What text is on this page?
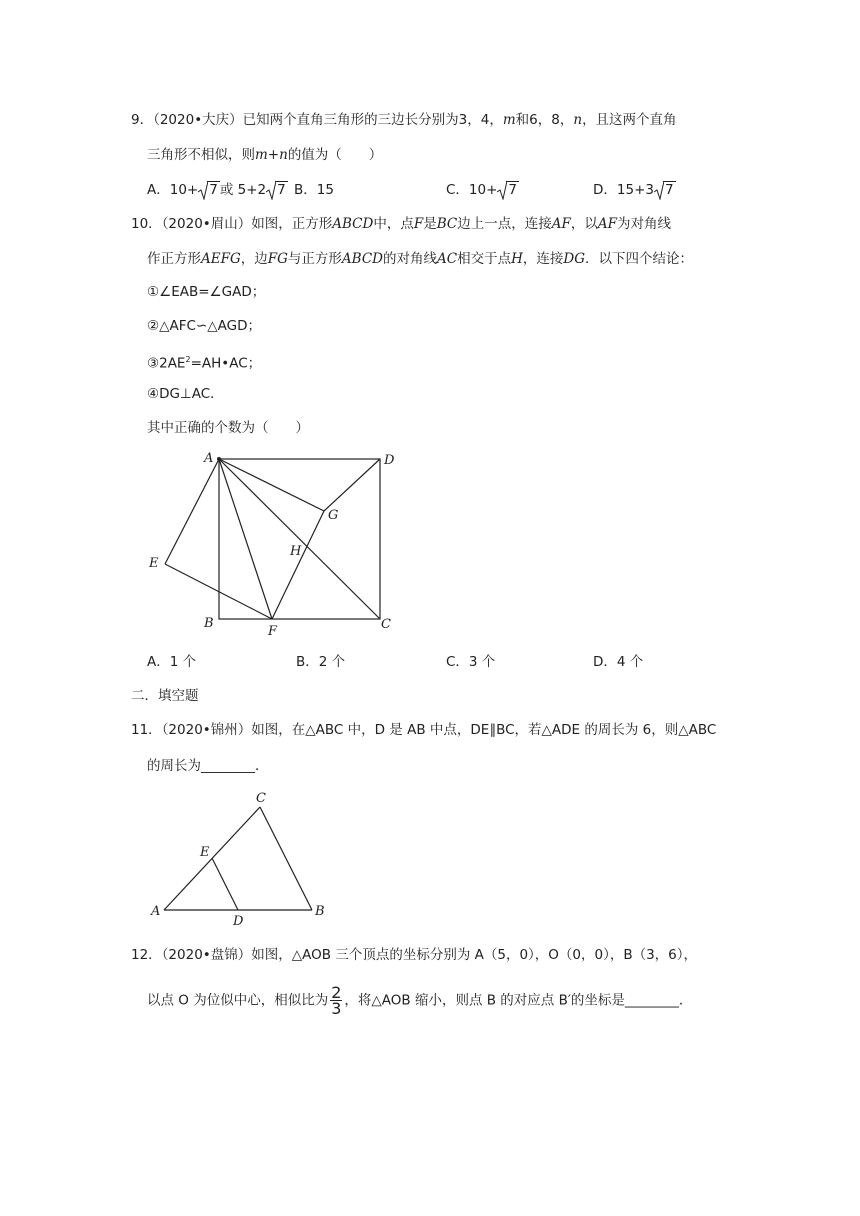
9．（2020•大庆）已知两个直角三角形的三边长分别为3，4，m和6，8，n，且这两个直角
三角形不相似，则m+n的值为（　　）
A．10+ 7 或 5+2 7 B．15	C．10+ 7	D．15+3 7
10．（2020•眉山）如图，正方形ABCD中，点F是BC边上一点，连接AF，以AF为对角线
作正方形AEFG，边FG与正方形ABCD的对角线AC相交于点H，连接DG．以下四个结论：
①∠EAB=∠GAD；
②△AFC∽△AGD；
$③2AE^2=AH•AC$；
④DG⊥AC．
其中正确的个数为（　　）
A	D
G
E
H
B
F	C
A．1 个	B．2 个	C．3 个	D．4 个
二．填空题
11．（2020•锦州）如图，在△ABC 中，D 是 AB 中点，DE∥BC，若△ADE 的周长为 6，则△ABC
的周长为________．
C
E
A
D
B
12．（2020•盘锦）如图，△AOB 三个顶点的坐标分别为 A（5，0），O（0，0），B（3，6），
以点 O 为位似中心，相似比为 $\frac{2}{3}$ ，将△AOB 缩小，则点 B 的对应点 B′的坐标是________．
